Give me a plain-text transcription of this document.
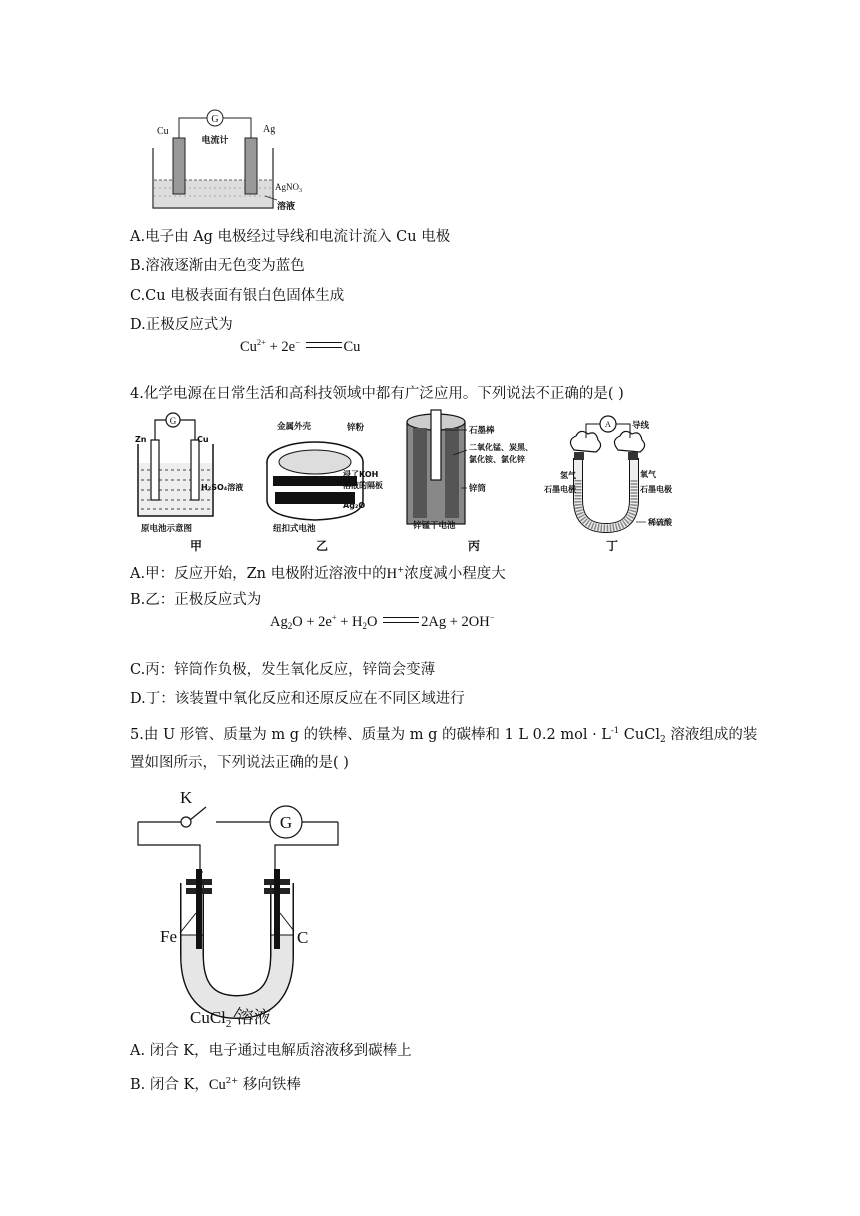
G
电流计
Cu	Ag
AgNO$_3$
溶液
A.电子由 Ag 电极经过导线和电流计流入 Cu 电极
B.溶液逐渐由无色变为蓝色
C.Cu 电极表面有银白色固体生成
D.正极反应式为
$Cu^{2+} + 2e^-$	Cu
4.化学电源在日常生活和高科技领域中都有广泛应用。下列说法不正确的是( )
G
Zn	Cu
H₂SO₄溶液
原电池示意图
甲
金属外壳	锌粉
浸了KOH
溶液的隔板
Ag₂O
纽扣式电池
乙
石墨棒
二氧化锰、炭黑、
氯化铵、氯化锌
锌筒
锌锰干电池
丙
A 导线
氢气	氧气
石墨电极	石墨电极
稀硫酸
丁
A.甲：反应开始，Zn 电极附近溶液中的H+浓度减小程度大
B.乙：正极反应式为
$Ag_2O + 2e^+ + H_2O$	2Ag + 2OH−
C.丙：锌筒作负极，发生氧化反应，锌筒会变薄
D.丁：该装置中氧化反应和还原反应在不同区域进行
5.由 U 形管、质量为 m g 的铁棒、质量为 m g 的碳棒和 1 L 0.2 mol · $L^{-1}$ CuCl$_2$ 溶液组成的装
置如图所示，下列说法正确的是( )
G
K
Fe	C
CuCl$_2$ 溶液
A. 闭合 K，电子通过电解质溶液移到碳棒上
B. 闭合 K，$Cu^{2+}$ 移向铁棒
